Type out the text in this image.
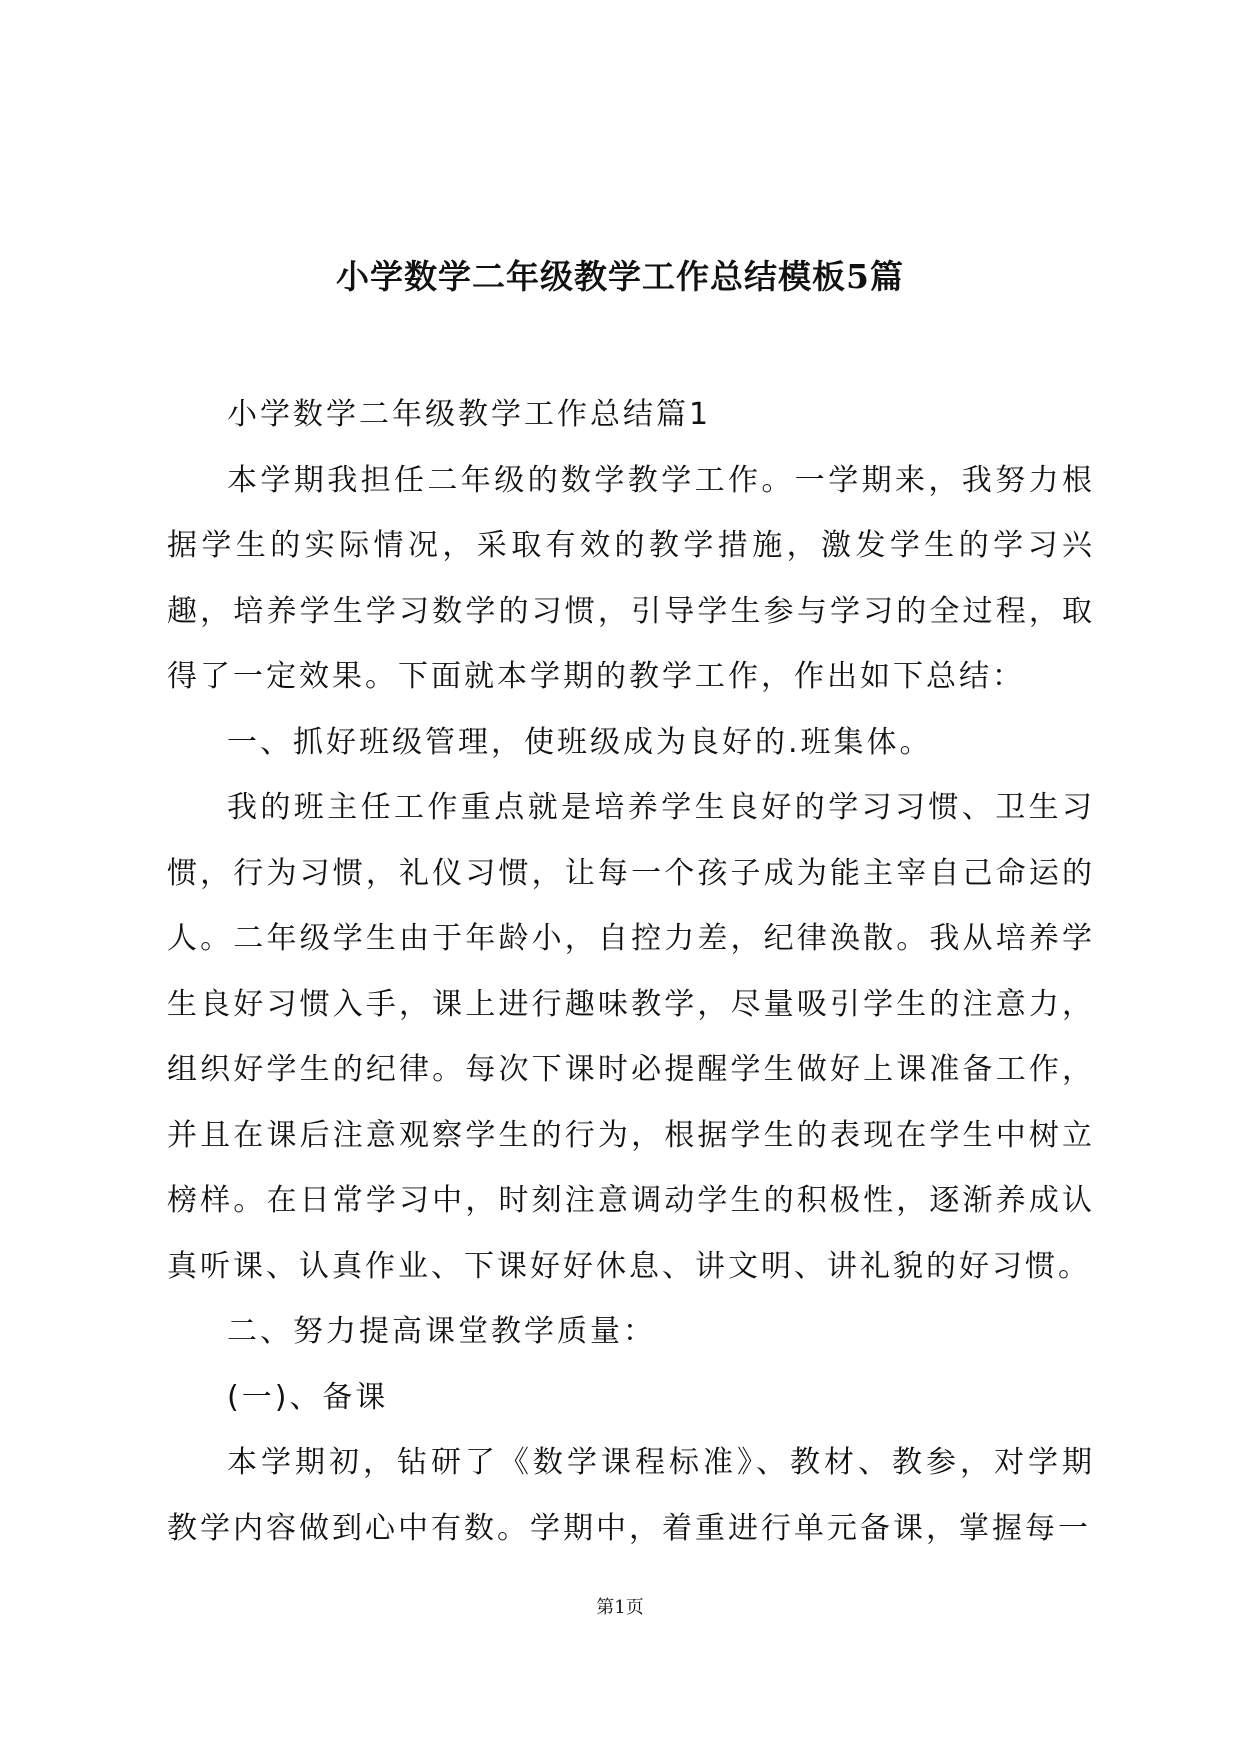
小学数学二年级教学工作总结模板5篇

小学数学二年级教学工作总结篇1

本学期我担任二年级的数学教学工作。一学期来，我努力根据学生的实际情况，采取有效的教学措施，激发学生的学习兴趣，培养学生学习数学的习惯，引导学生参与学习的全过程，取得了一定效果。下面就本学期的教学工作，作出如下总结：

一、抓好班级管理，使班级成为良好的.班集体。

我的班主任工作重点就是培养学生良好的学习习惯、卫生习惯，行为习惯，礼仪习惯，让每一个孩子成为能主宰自己命运的人。二年级学生由于年龄小，自控力差，纪律涣散。我从培养学生良好习惯入手，课上进行趣味教学，尽量吸引学生的注意力，组织好学生的纪律。每次下课时必提醒学生做好上课准备工作，并且在课后注意观察学生的行为，根据学生的表现在学生中树立榜样。在日常学习中，时刻注意调动学生的积极性，逐渐养成认真听课、认真作业、下课好好休息、讲文明、讲礼貌的好习惯。

二、努力提高课堂教学质量：

(一)、备课

本学期初，钻研了《数学课程标准》、教材、教参，对学期教学内容做到心中有数。学期中，着重进行单元备课，掌握每一

第1页
